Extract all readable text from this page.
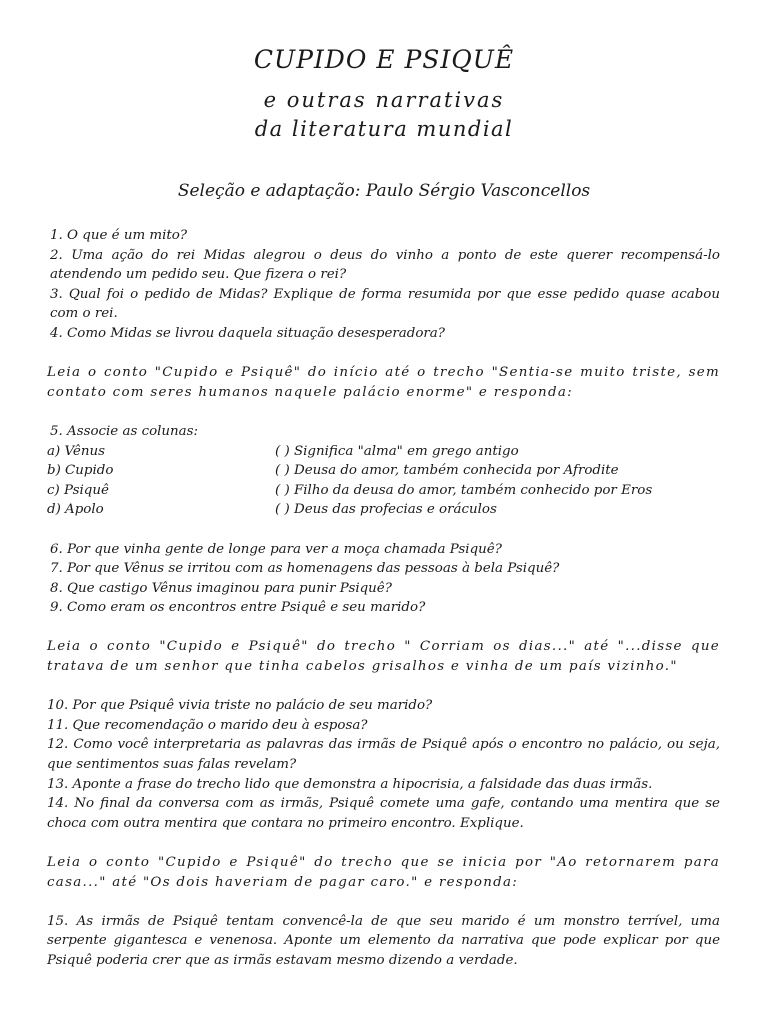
CUPIDO E PSIQUÊ
e outras narrativas
da literatura mundial
Seleção e adaptação: Paulo Sérgio Vasconcellos

1. O que é um mito?

2. Uma ação do rei Midas alegrou o deus do vinho a ponto de este querer recompensá-lo atendendo um pedido seu. Que fizera o rei?

3. Qual foi o pedido de Midas? Explique de forma resumida por que esse pedido quase acabou com o rei.

4. Como Midas se livrou daquela situação desesperadora?

Leia o conto "Cupido e Psiquê" do início até o trecho "Sentia-se muito triste, sem contato com seres humanos naquele palácio enorme" e responda:

5. Associe as colunas:

a) Vênus	( ) Significa "alma" em grego antigo
b) Cupido	( ) Deusa do amor, também conhecida por Afrodite
c) Psiquê	( ) Filho da deusa do amor, também conhecido por Eros
d) Apolo	( ) Deus das profecias e oráculos

6. Por que vinha gente de longe para ver a moça chamada Psiquê?

7. Por que Vênus se irritou com as homenagens das pessoas à bela Psiquê?

8. Que castigo Vênus imaginou para punir Psiquê?

9. Como eram os encontros entre Psiquê e seu marido?

Leia o conto "Cupido e Psiquê" do trecho " Corriam os dias..." até "...disse que tratava de um senhor que tinha cabelos grisalhos e vinha de um país vizinho."

10. Por que Psiquê vivia triste no palácio de seu marido?

11. Que recomendação o marido deu à esposa?

12. Como você interpretaria as palavras das irmãs de Psiquê após o encontro no palácio, ou seja, que sentimentos suas falas revelam?

13. Aponte a frase do trecho lido que demonstra a hipocrisia, a falsidade das duas irmãs.

14. No final da conversa com as irmãs, Psiquê comete uma gafe, contando uma mentira que se choca com outra mentira que contara no primeiro encontro. Explique.

Leia o conto "Cupido e Psiquê" do trecho que se inicia por "Ao retornarem para casa..." até "Os dois haveriam de pagar caro." e responda:

15. As irmãs de Psiquê tentam convencê-la de que seu marido é um monstro terrível, uma serpente gigantesca e venenosa. Aponte um elemento da narrativa que pode explicar por que Psiquê poderia crer que as irmãs estavam mesmo dizendo a verdade.
